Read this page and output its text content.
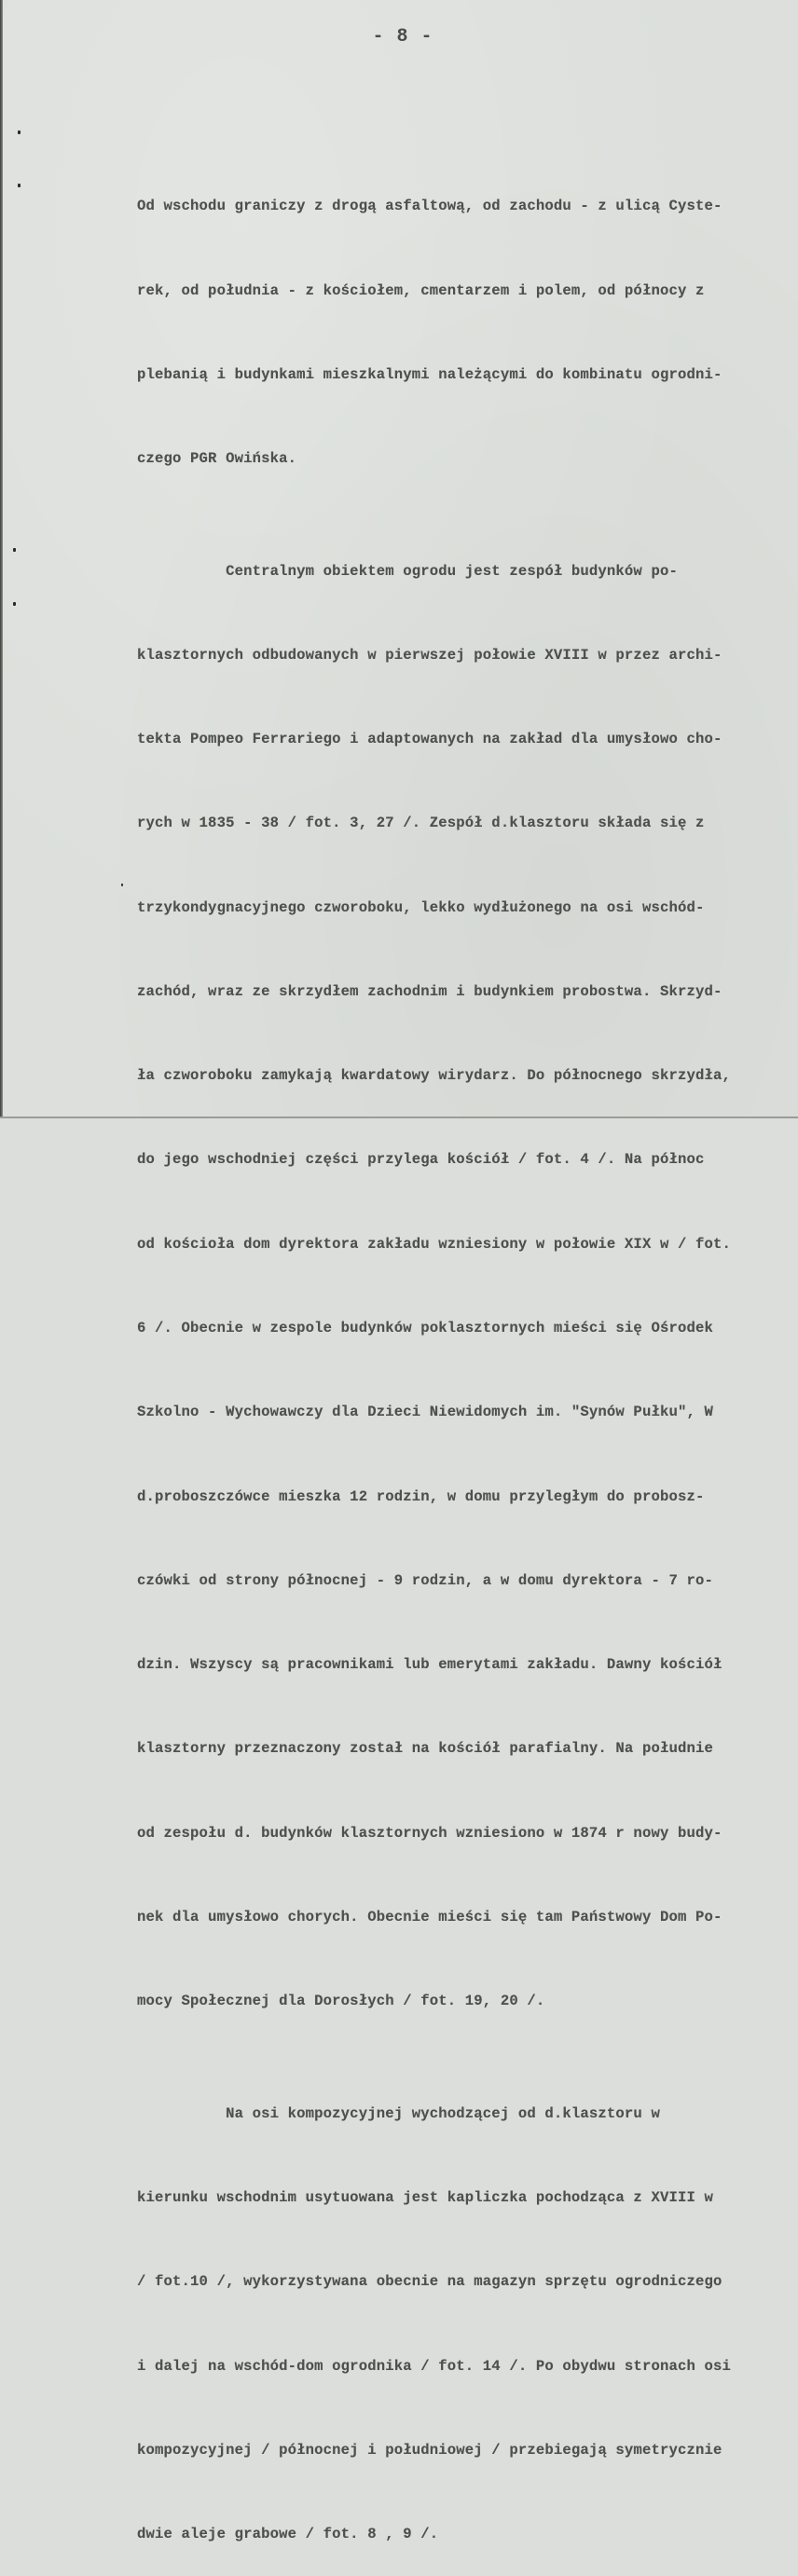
- 8 -

Od wschodu graniczy z drogą asfaltową, od zachodu - z ulicą Cyste-

rek, od południa - z kościołem, cmentarzem i polem, od północy z

plebanią i budynkami mieszkalnymi należącymi do kombinatu ogrodni-

czego PGR Owińska.

Centralnym obiektem ogrodu jest zespół budynków po-

klasztornych odbudowanych w pierwszej połowie XVIII w przez archi-

tekta Pompeo Ferrariego i adaptowanych na zakład dla umysłowo cho-

rych w 1835 - 38 / fot. 3, 27 /. Zespół d.klasztoru składa się z

trzykondygnacyjnego czworoboku, lekko wydłużonego na osi wschód-

zachód, wraz ze skrzydłem zachodnim i budynkiem probostwa. Skrzyd-

ła czworoboku zamykają kwardatowy wirydarz. Do północnego skrzydła,

do jego wschodniej części przylega kościół / fot. 4 /. Na północ

od kościoła dom dyrektora zakładu wzniesiony w połowie XIX w / fot.

6 /. Obecnie w zespole budynków poklasztornych mieści się Ośrodek

Szkolno - Wychowawczy dla Dzieci Niewidomych im. "Synów Pułku", W

d.proboszczówce mieszka 12 rodzin, w domu przyległym do probosz-

czówki od strony północnej - 9 rodzin, a w domu dyrektora - 7 ro-

dzin. Wszyscy są pracownikami lub emerytami zakładu. Dawny kościół

klasztorny przeznaczony został na kościół parafialny. Na południe

od zespołu d. budynków klasztornych wzniesiono w 1874 r nowy budy-

nek dla umysłowo chorych. Obecnie mieści się tam Państwowy Dom Po-

mocy Społecznej dla Dorosłych / fot. 19, 20 /.

Na osi kompozycyjnej wychodzącej od d.klasztoru w

kierunku wschodnim usytuowana jest kapliczka pochodząca z XVIII w

/ fot.10 /, wykorzystywana obecnie na magazyn sprzętu ogrodniczego

i dalej na wschód-dom ogrodnika / fot. 14 /. Po obydwu stronach osi

kompozycyjnej / północnej i południowej / przebiegają symetrycznie

dwie aleje grabowe / fot. 8 , 9 /.
